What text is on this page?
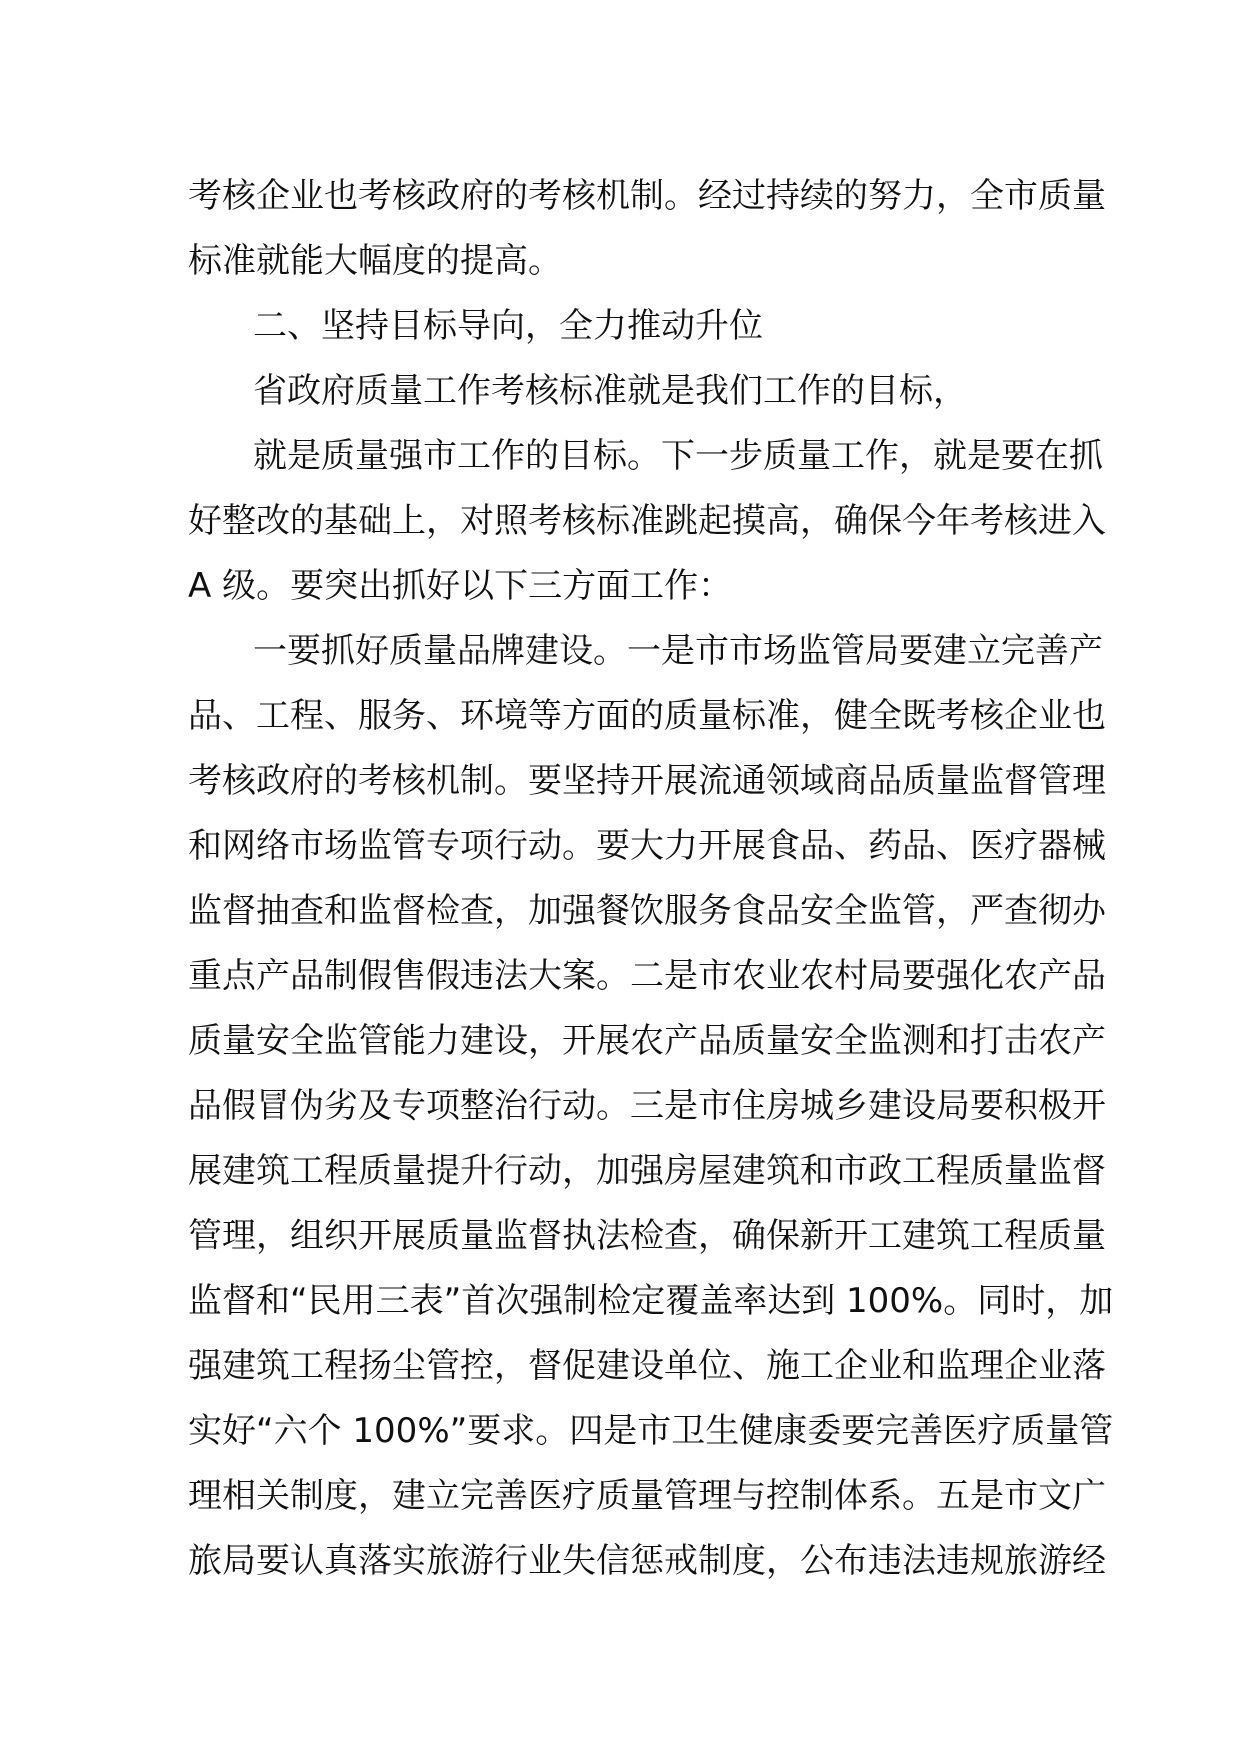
考核企业也考核政府的考核机制。经过持续的努力，全市质量
标准就能大幅度的提高。
二、坚持目标导向，全力推动升位
省政府质量工作考核标准就是我们工作的目标，
就是质量强市工作的目标。下一步质量工作，就是要在抓
好整改的基础上，对照考核标准跳起摸高，确保今年考核进入
A 级。要突出抓好以下三方面工作：
一要抓好质量品牌建设。一是市市场监管局要建立完善产
品、工程、服务、环境等方面的质量标准，健全既考核企业也
考核政府的考核机制。要坚持开展流通领域商品质量监督管理
和网络市场监管专项行动。要大力开展食品、药品、医疗器械
监督抽查和监督检查，加强餐饮服务食品安全监管，严查彻办
重点产品制假售假违法大案。二是市农业农村局要强化农产品
质量安全监管能力建设，开展农产品质量安全监测和打击农产
品假冒伪劣及专项整治行动。三是市住房城乡建设局要积极开
展建筑工程质量提升行动，加强房屋建筑和市政工程质量监督
管理，组织开展质量监督执法检查，确保新开工建筑工程质量
监督和“民用三表”首次强制检定覆盖率达到 100%。同时，加
强建筑工程扬尘管控，督促建设单位、施工企业和监理企业落
实好“六个 100%”要求。四是市卫生健康委要完善医疗质量管
理相关制度，建立完善医疗质量管理与控制体系。五是市文广
旅局要认真落实旅游行业失信惩戒制度，公布违法违规旅游经
